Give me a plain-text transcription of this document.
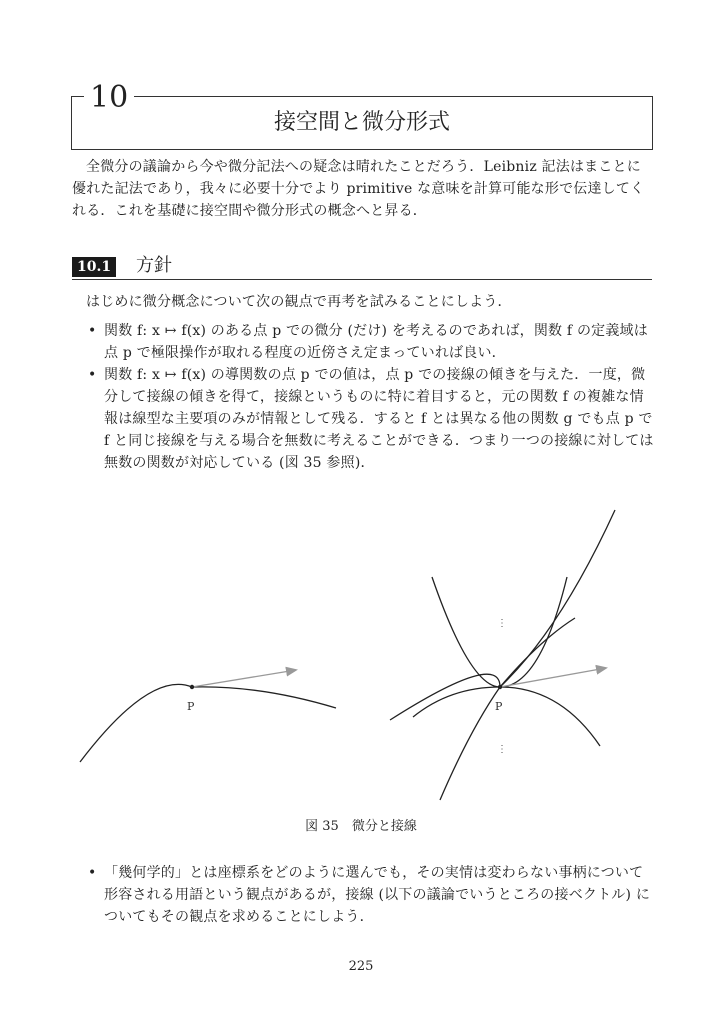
10
接空間と微分形式

全微分の議論から今や微分記法への疑念は晴れたことだろう．Leibniz 記法はまことに優れた記法であり，我々に必要十分でより primitive な意味を計算可能な形で伝達してくれる．これを基礎に接空間や微分形式の概念へと昇る．

10.1 方針

はじめに微分概念について次の観点で再考を試みることにしよう．

• 関数 f: x ↦ f(x) のある点 p での微分 (だけ) を考えるのであれば，関数 f の定義域は点 p で極限操作が取れる程度の近傍さえ定まっていれば良い．
• 関数 f: x ↦ f(x) の導関数の点 p での値は，点 p での接線の傾きを与えた．一度，微分して接線の傾きを得て，接線というものに特に着目すると，元の関数 f の複雑な情報は線型な主要項のみが情報として残る．すると f とは異なる他の関数 g でも点 p で f と同じ接線を与える場合を無数に考えることができる．つまり一つの接線に対しては無数の関数が対応している (図 35 参照)．
P	P
⋮
⋮
図 35　微分と接線
• 「幾何学的」とは座標系をどのように選んでも，その実情は変わらない事柄について形容される用語という観点があるが，接線 (以下の議論でいうところの接ベクトル) についてもその観点を求めることにしよう．
225
